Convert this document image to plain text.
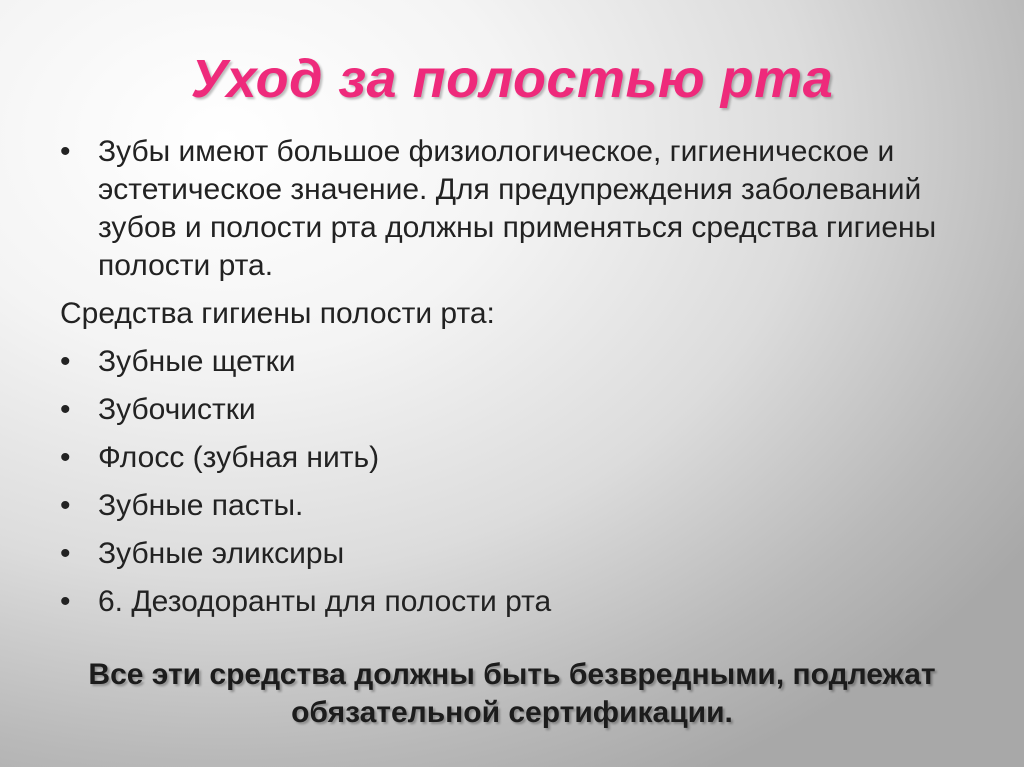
Уход за полостью рта
• Зубы имеют большое физиологическое, гигиеническое и эстетическое значение. Для предупреждения заболеваний зубов и полости рта должны применяться средства гигиены полости рта.
Средства гигиены полости рта:
• Зубные щетки
• Зубочистки
• Флосс (зубная нить)
• Зубные пасты.
• Зубные эликсиры
• 6. Дезодоранты для полости рта
Все эти средства должны быть безвредными, подлежат обязательной сертификации.
